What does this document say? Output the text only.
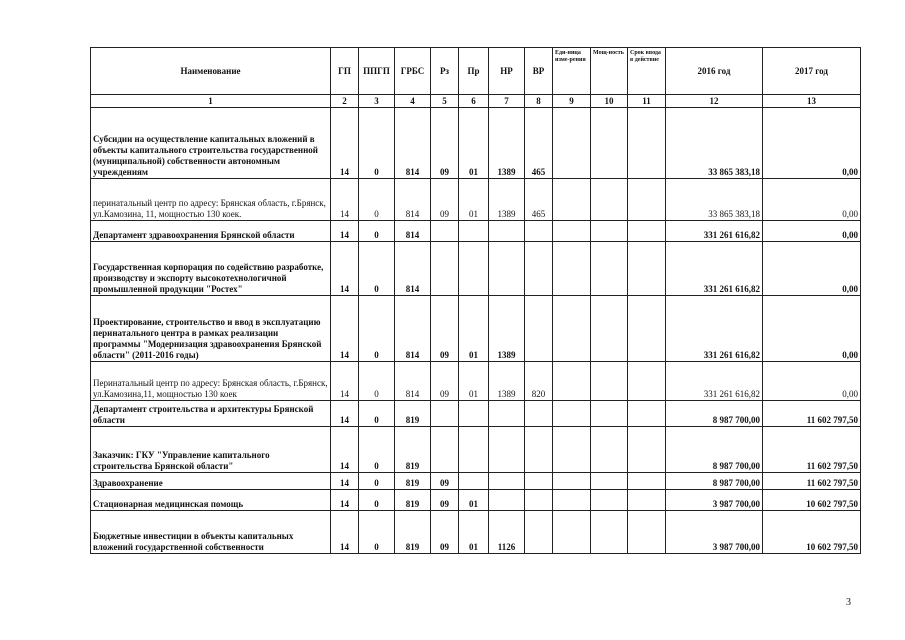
Наименование	ГП	ППГП	ГРБС	Рз	Пр	НР	ВР	Еди-ница изме-рения	Мощ-ность	Срок ввода в действие	2016 год	2017 год
1	2	3	4	5	6	7	8	9	10	11	12	13
Субсидии на осуществление капитальных вложений в объекты капитального строительства государственной (муниципальной) собственности автономным учреждениям	14	0	814	09	01	1389	465				33 865 383,18	0,00
перинатальный центр по адресу: Брянская область, г.Брянск, ул.Камозина, 11, мощностью 130 коек.	14	0	814	09	01	1389	465				33 865 383,18	0,00
Департамент здравоохранения Брянской области	14	0	814								331 261 616,82	0,00
Государственная корпорация по содействию разработке, производству и экспорту высокотехнологичной промышленной продукции "Ростех"	14	0	814								331 261 616,82	0,00
Проектирование, строительство и ввод в эксплуатацию перинатального центра в рамках реализации программы "Модернизация здравоохранения Брянской области" (2011-2016 годы)	14	0	814	09	01	1389					331 261 616,82	0,00
Перинатальный центр по адресу: Брянская область, г.Брянск, ул.Камозина,11, мощностью 130 коек	14	0	814	09	01	1389	820				331 261 616,82	0,00
Департамент строительства и архитектуры Брянской области	14	0	819								8 987 700,00	11 602 797,50
Заказчик: ГКУ "Управление капитального строительства Брянской области"	14	0	819								8 987 700,00	11 602 797,50
Здравоохранение	14	0	819	09							8 987 700,00	11 602 797,50
Стационарная медицинская помощь	14	0	819	09	01						3 987 700,00	10 602 797,50
Бюджетные инвестиции в объекты капитальных вложений государственной собственности	14	0	819	09	01	1126					3 987 700,00	10 602 797,50
3
